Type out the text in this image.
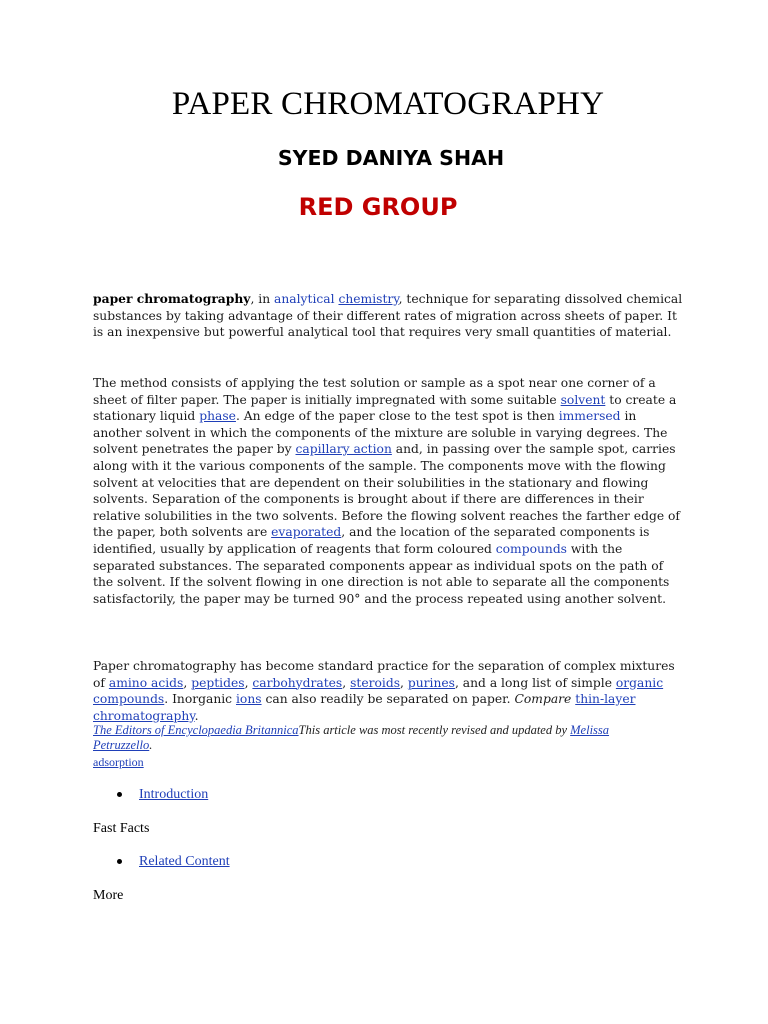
PAPER CHROMATOGRAPHY
SYED DANIYA SHAH
RED GROUP

paper chromatography, in analytical chemistry, technique for separating dissolved chemical substances by taking advantage of their different rates of migration across sheets of paper. It is an inexpensive but powerful analytical tool that requires very small quantities of material.

The method consists of applying the test solution or sample as a spot near one corner of a sheet of filter paper. The paper is initially impregnated with some suitable solvent to create a stationary liquid phase. An edge of the paper close to the test spot is then immersed in another solvent in which the components of the mixture are soluble in varying degrees. The solvent penetrates the paper by capillary action and, in passing over the sample spot, carries along with it the various components of the sample. The components move with the flowing solvent at velocities that are dependent on their solubilities in the stationary and flowing solvents. Separation of the components is brought about if there are differences in their relative solubilities in the two solvents. Before the flowing solvent reaches the farther edge of the paper, both solvents are evaporated, and the location of the separated components is identified, usually by application of reagents that form coloured compounds with the separated substances. The separated components appear as individual spots on the path of the solvent. If the solvent flowing in one direction is not able to separate all the components satisfactorily, the paper may be turned 90° and the process repeated using another solvent.

Paper chromatography has become standard practice for the separation of complex mixtures of amino acids, peptides, carbohydrates, steroids, purines, and a long list of simple organic compounds. Inorganic ions can also readily be separated on paper. Compare thin-layer chromatography.

The Editors of Encyclopaedia BritannicaThis article was most recently revised and updated by Melissa Petruzzello.
adsorption
Introduction
Fast Facts
Related Content
More
